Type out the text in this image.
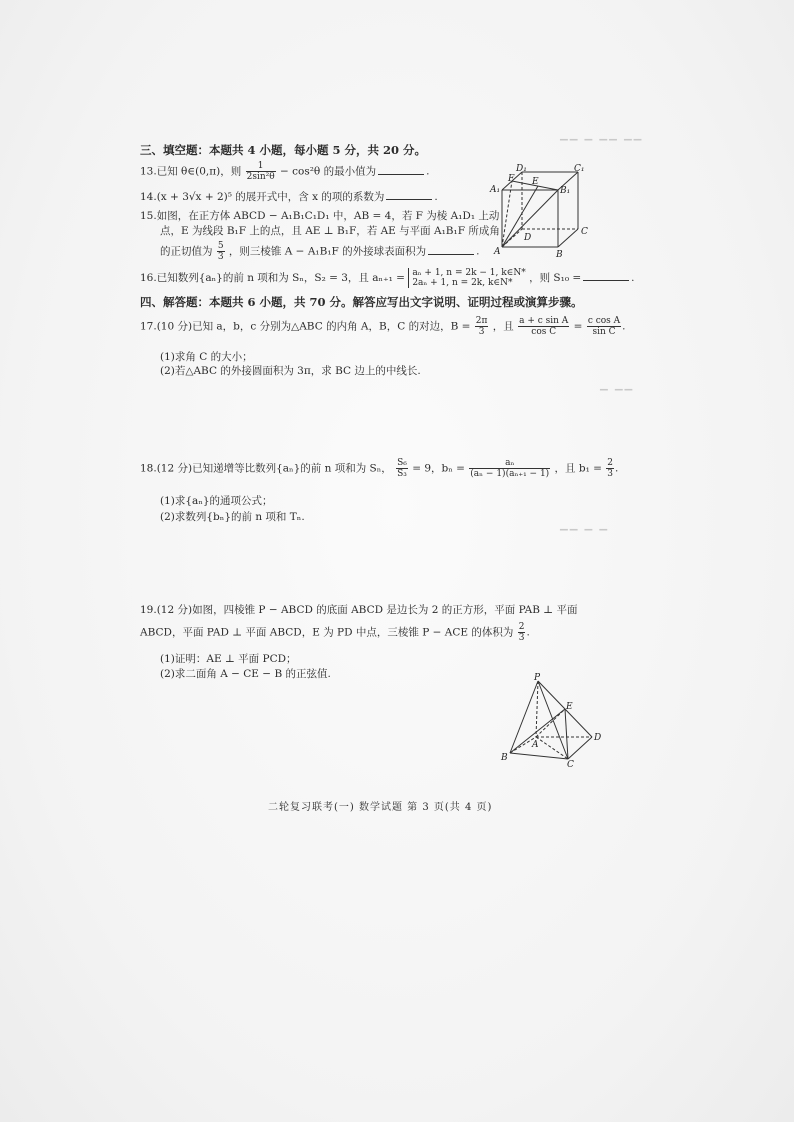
▁▁ ▁ ▁▁ ▁▁
▁ ▁▁
▁▁ ▁ ▁
三、填空题：本题共 4 小题，每小题 5 分，共 20 分。
13.已知 θ∈(0,π)，则 $\frac{1}{\text{2sin²θ}} - \cos^2\theta$ 的最小值为	.
14.(x + 3√x + 2)⁵ 的展开式中，含 x 的项的系数为	.
15.如图，在正方体 ABCD − A₁B₁C₁D₁ 中，AB = 4，若 F 为棱 A₁D₁ 上动
点，E 为线段 B₁F 上的点，且 AE ⊥ B₁F，若 AE 与平面 A₁B₁F 所成角
的正切值为 $\frac{5}{3}$ ，则三棱锥 A − A₁B₁F 的外接球表面积为	.
16.已知数列{aₙ}的前 n 项和为 Sₙ，S₂ = 3，且 aₙ₊₁ = aₙ + 1, n = 2k − 1, k∈N*
2aₙ + 1, n = 2k, k∈N*	，则 S₁₀ =	.
四、解答题：本题共 6 小题，共 70 分。解答应写出文字说明、证明过程或演算步骤。
17.(10 分)已知 a，b，c 分别为△ABC 的内角 A，B，C 的对边，$B = \frac{2\pi}{3}$ ，且 $\frac{\text{a + c sin A}}{\text{cos C}} = \frac{\text{c cos A}}{\text{sin C}}$ .
(1)求角 C 的大小；
(2)若△ABC 的外接圆面积为 3π，求 BC 边上的中线长.
18.(12 分)已知递增等比数列{aₙ}的前 n 项和为 Sₙ， $\frac{\text{S₆}}{\text{S₃}} = 9$，$b_n = \frac{\text{aₙ}}{\text{(aₙ − 1)(aₙ₊₁ − 1)}}$ ，且 $b_1 = \frac{2}{3}$ .
(1)求{aₙ}的通项公式；
(2)求数列{bₙ}的前 n 项和 Tₙ.
19.(12 分)如图，四棱锥 P − ABCD 的底面 ABCD 是边长为 2 的正方形，平面 PAB ⊥ 平面
ABCD，平面 PAD ⊥ 平面 ABCD，E 为 PD 中点，三棱锥 P − ACE 的体积为 $\frac{2}{3}$ .
(1)证明：AE ⊥ 平面 PCD；
(2)求二面角 A − CE − B 的正弦值.
D₁	C₁
A₁
F E
B₁
D
C
A	B
P
E
D
A
B
C
二轮复习联考(一) 数学试题 第 3 页(共 4 页)
